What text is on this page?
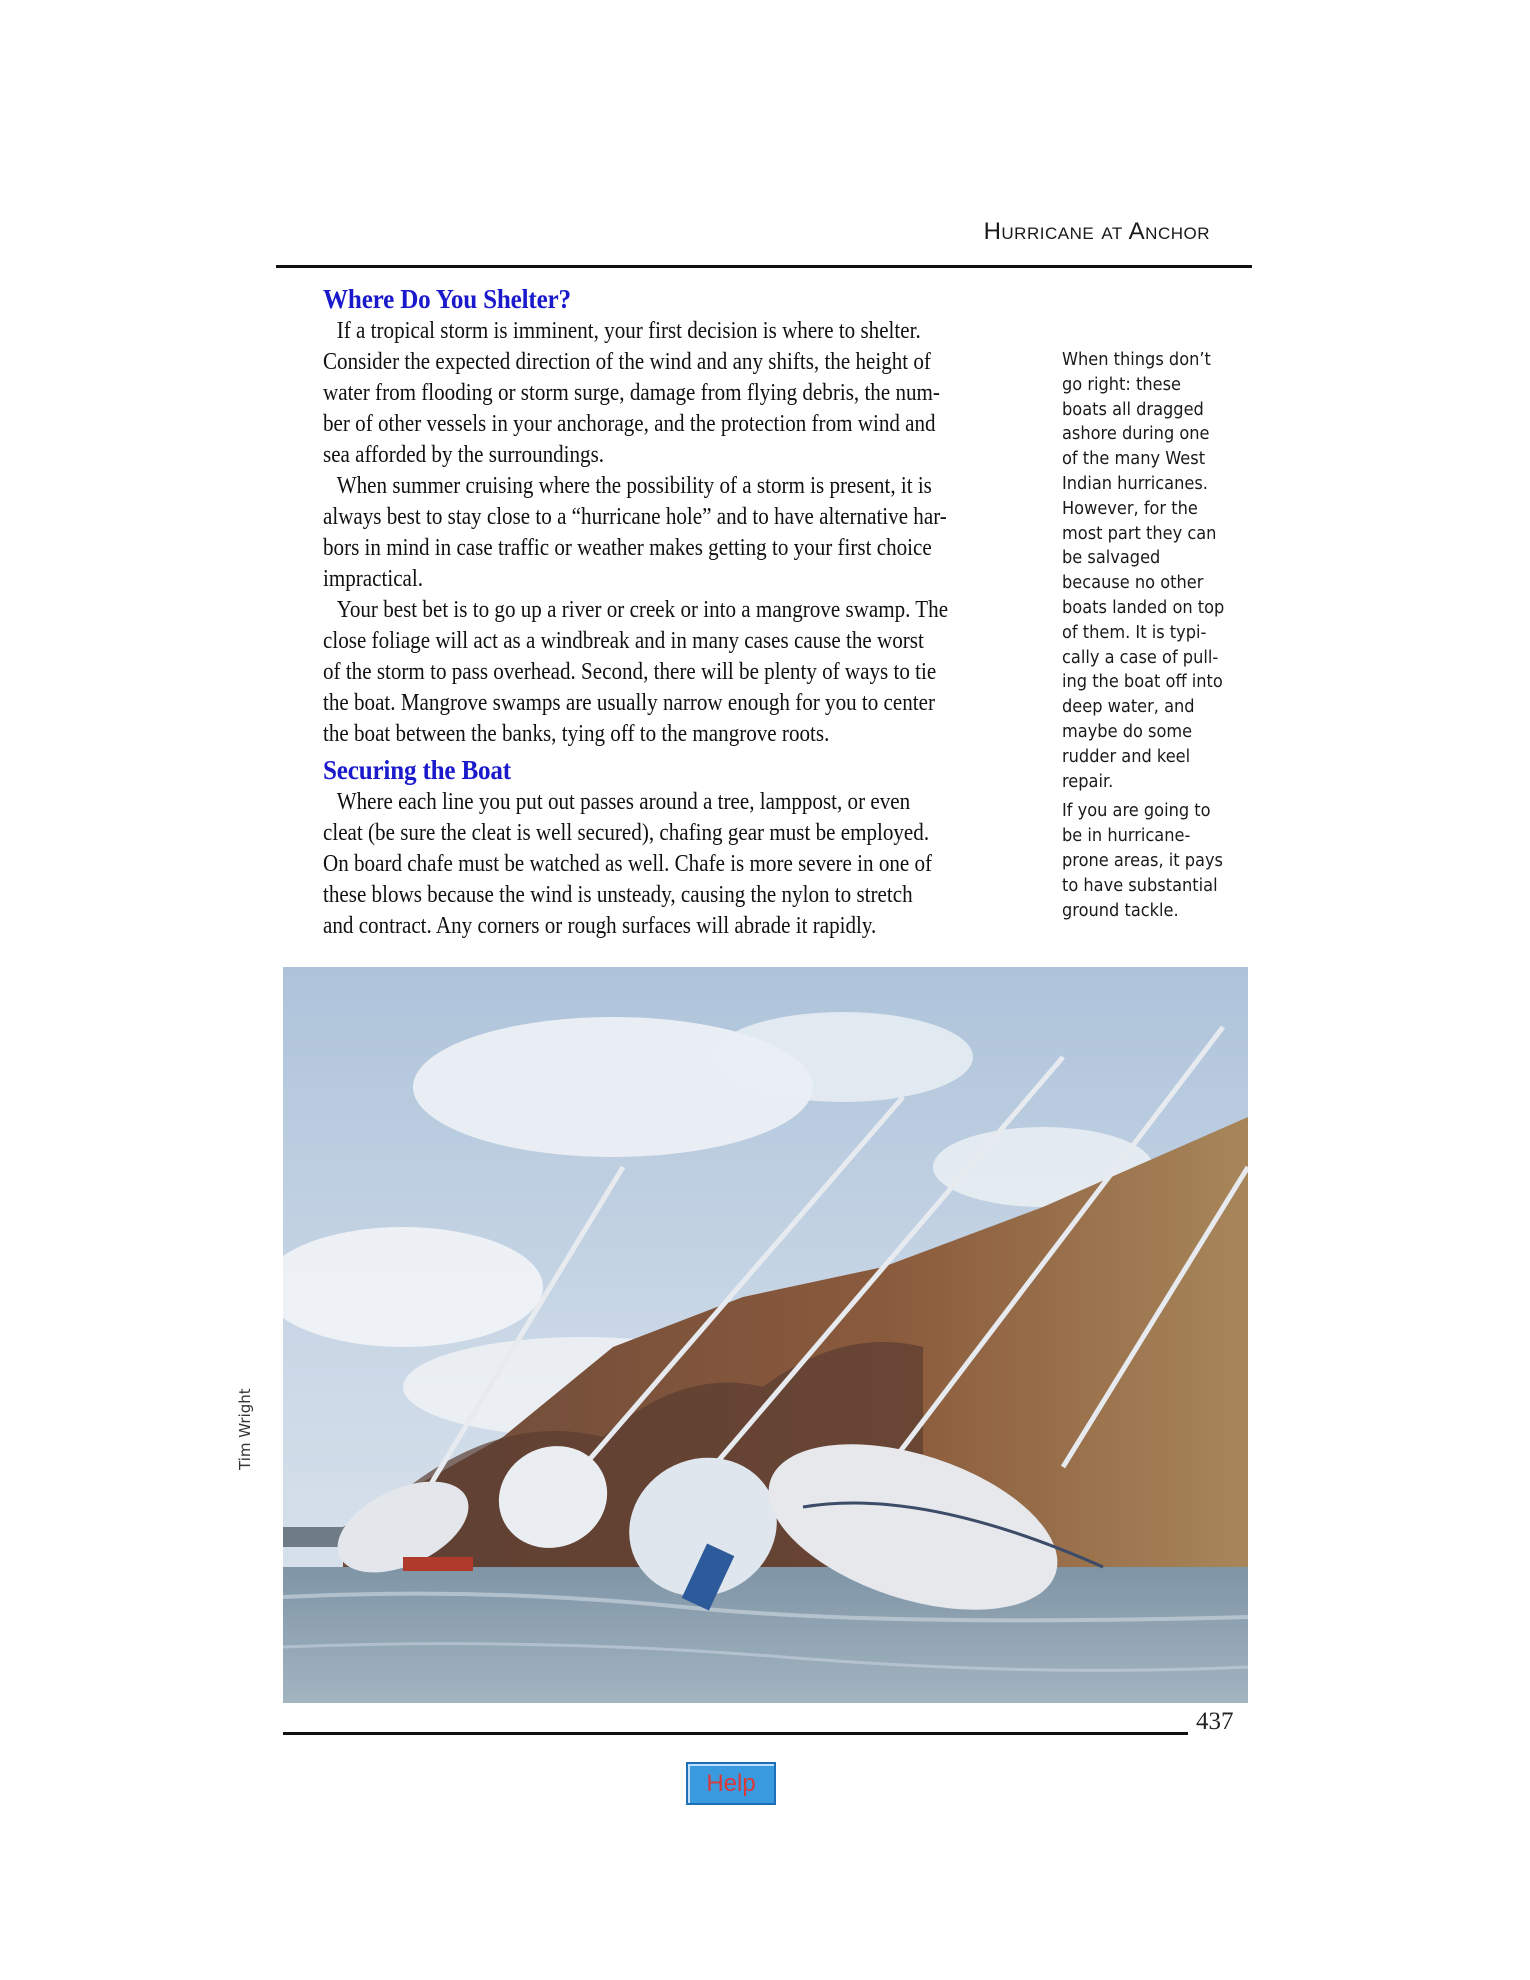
Hurricane at Anchor
Where Do You Shelter?
If a tropical storm is imminent, your first decision is where to shelter.
Consider the expected direction of the wind and any shifts, the height of
water from flooding or storm surge, damage from flying debris, the num-
ber of other vessels in your anchorage, and the protection from wind and
sea afforded by the surroundings.
When summer cruising where the possibility of a storm is present, it is
always best to stay close to a “hurricane hole” and to have alternative har-
bors in mind in case traffic or weather makes getting to your first choice
impractical.
Your best bet is to go up a river or creek or into a mangrove swamp. The
close foliage will act as a windbreak and in many cases cause the worst
of the storm to pass overhead. Second, there will be plenty of ways to tie
the boat. Mangrove swamps are usually narrow enough for you to center
the boat between the banks, tying off to the mangrove roots.
Securing the Boat
Where each line you put out passes around a tree, lamppost, or even
cleat (be sure the cleat is well secured), chafing gear must be employed.
On board chafe must be watched as well. Chafe is more severe in one of
these blows because the wind is unsteady, causing the nylon to stretch
and contract. Any corners or rough surfaces will abrade it rapidly.
When things don’t
go right: these
boats all dragged
ashore during one
of the many West
Indian hurricanes.
However, for the
most part they can
be salvaged
because no other
boats landed on top
of them. It is typi-
cally a case of pull-
ing the boat off into
deep water, and
maybe do some
rudder and keel
repair.
If you are going to
be in hurricane-
prone areas, it pays
to have substantial
ground tackle.
Tim Wright
437
Help
